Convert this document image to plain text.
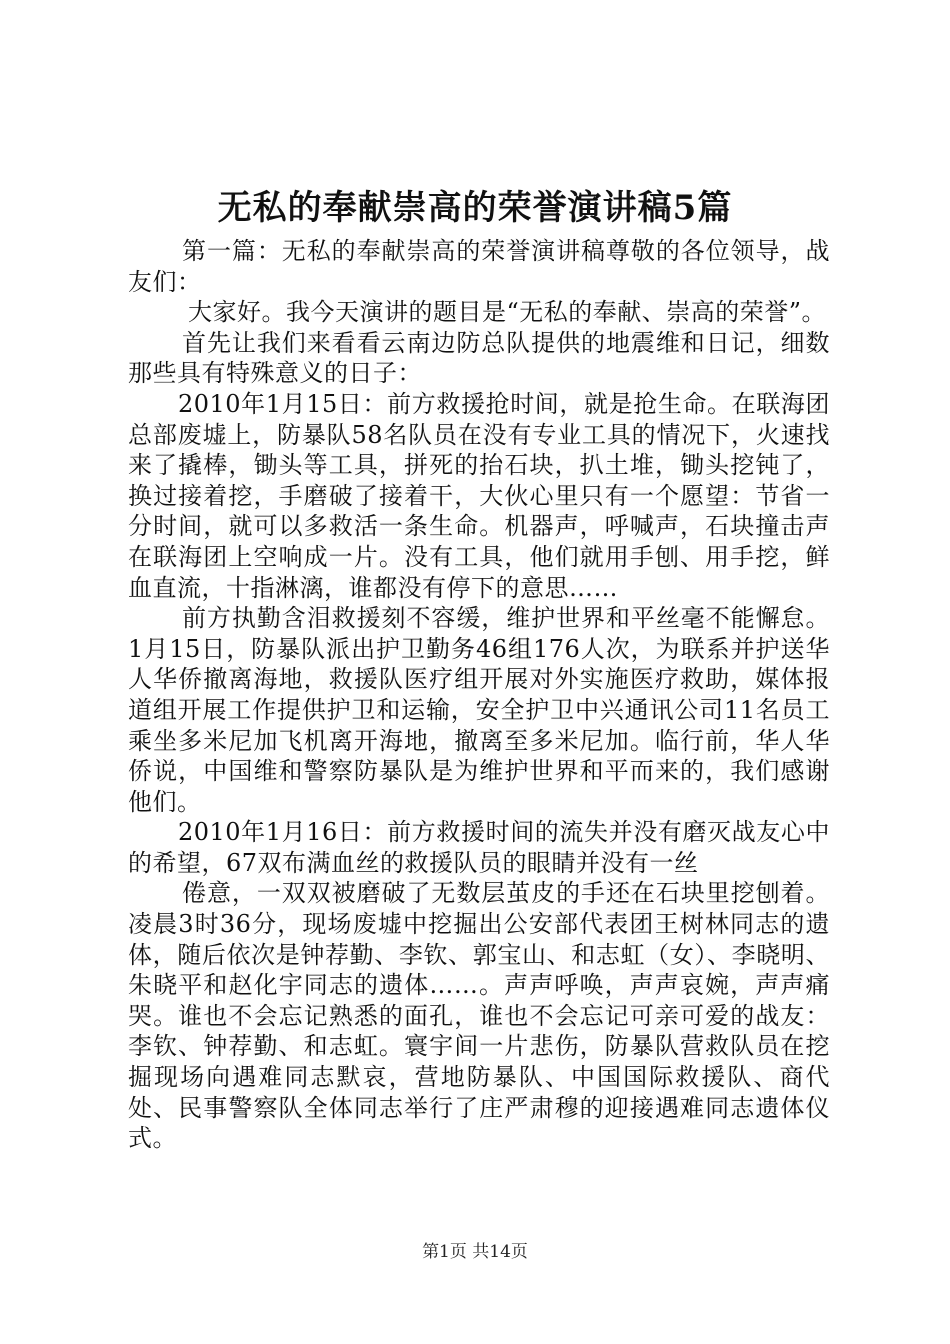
无私的奉献崇高的荣誉演讲稿5篇

第一篇：无私的奉献崇高的荣誉演讲稿尊敬的各位领导，战友们：

大家好。我今天演讲的题目是“无私的奉献、崇高的荣誉”。

首先让我们来看看云南边防总队提供的地震维和日记，细数那些具有特殊意义的日子：

2010年1月15日：前方救援抢时间，就是抢生命。在联海团总部废墟上，防暴队58名队员在没有专业工具的情况下，火速找来了撬棒，锄头等工具，拼死的抬石块，扒土堆，锄头挖钝了，换过接着挖，手磨破了接着干，大伙心里只有一个愿望：节省一分时间，就可以多救活一条生命。机器声，呼喊声，石块撞击声在联海团上空响成一片。没有工具，他们就用手刨、用手挖，鲜血直流，十指淋漓，谁都没有停下的意思……

前方执勤含泪救援刻不容缓，维护世界和平丝毫不能懈怠。1月15日，防暴队派出护卫勤务46组176人次，为联系并护送华人华侨撤离海地，救援队医疗组开展对外实施医疗救助，媒体报道组开展工作提供护卫和运输，安全护卫中兴通讯公司11名员工乘坐多米尼加飞机离开海地，撤离至多米尼加。临行前，华人华侨说，中国维和警察防暴队是为维护世界和平而来的，我们感谢他们。

2010年1月16日：前方救援时间的流失并没有磨灭战友心中的希望，67双布满血丝的救援队员的眼睛并没有一丝

倦意，一双双被磨破了无数层茧皮的手还在石块里挖刨着。凌晨3时36分，现场废墟中挖掘出公安部代表团王树林同志的遗体，随后依次是钟荐勤、李钦、郭宝山、和志虹（女）、李晓明、朱晓平和赵化宇同志的遗体……。声声呼唤，声声哀婉，声声痛哭。谁也不会忘记熟悉的面孔，谁也不会忘记可亲可爱的战友：李钦、钟荐勤、和志虹。寰宇间一片悲伤，防暴队营救队员在挖掘现场向遇难同志默哀，营地防暴队、中国国际救援队、商代处、民事警察队全体同志举行了庄严肃穆的迎接遇难同志遗体仪式。

第1页 共14页
